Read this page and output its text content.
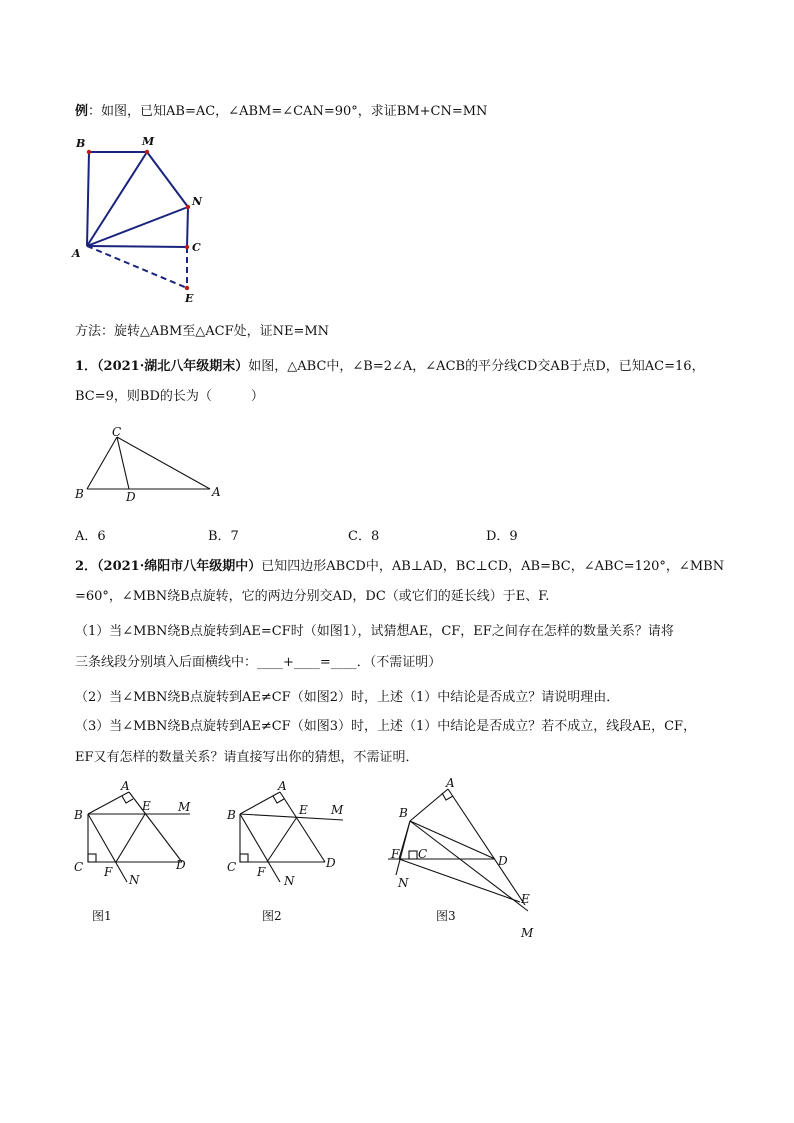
例：如图，已知AB=AC，∠ABM=∠CAN=90°，求证BM+CN=MN
B	M
N
A	C
E
方法：旋转△ABM至△ACF处，证NE=MN
1．（2021·湖北八年级期末）如图，△ABC中，∠B=2∠A，∠ACB的平分线CD交AB于点D，已知AC=16，
BC=9，则BD的长为（　　　）
C
B	D	A
A．6	B．7	C．8	D．9
2．（2021·绵阳市八年级期中）已知四边形ABCD中，AB⊥AD，BC⊥CD，AB=BC，∠ABC=120°，∠MBN
=60°，∠MBN绕B点旋转，它的两边分别交AD，DC（或它们的延长线）于E、F.
（1）当∠MBN绕B点旋转到AE=CF时（如图1），试猜想AE，CF，EF之间存在怎样的数量关系？请将
三条线段分别填入后面横线中：____+____=____．（不需证明）
（2）当∠MBN绕B点旋转到AE≠CF（如图2）时，上述（1）中结论是否成立？请说明理由．
（3）当∠MBN绕B点旋转到AE≠CF（如图3）时，上述（1）中结论是否成立？若不成立，线段AE，CF，
EF又有怎样的数量关系？请直接写出你的猜想，不需证明．
A
B
E M
C F
N
D
图1
A
B	E M
C F
N
D
图2
A
B
F C	D
N
E
M
图3
